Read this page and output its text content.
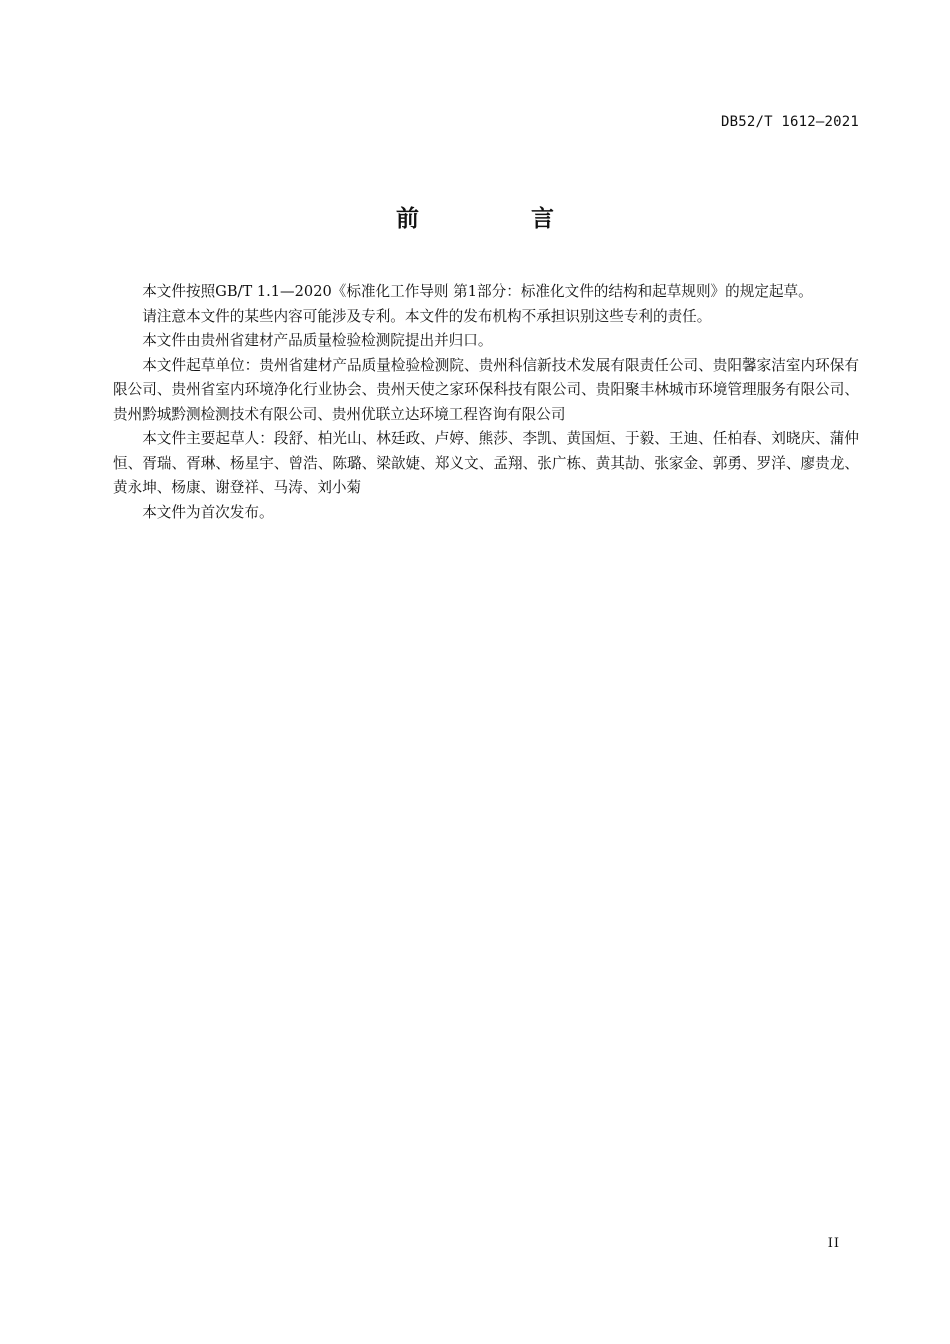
DB52/T 1612—2021
前 言

本文件按照GB/T 1.1—2020《标准化工作导则 第1部分：标准化文件的结构和起草规则》的规定起草。

请注意本文件的某些内容可能涉及专利。本文件的发布机构不承担识别这些专利的责任。

本文件由贵州省建材产品质量检验检测院提出并归口。

本文件起草单位：贵州省建材产品质量检验检测院、贵州科信新技术发展有限责任公司、贵阳馨家洁室内环保有限公司、贵州省室内环境净化行业协会、贵州天使之家环保科技有限公司、贵阳聚丰林城市环境管理服务有限公司、贵州黔城黔测检测技术有限公司、贵州优联立达环境工程咨询有限公司

本文件主要起草人：段舒、柏光山、林廷政、卢婷、熊莎、李凯、黄国烜、于毅、王迪、任柏春、刘晓庆、蒲仲恒、胥瑞、胥琳、杨星宇、曾浩、陈璐、梁歆婕、郑义文、孟翔、张广栋、黄其劼、张家金、郭勇、罗洋、廖贵龙、黄永坤、杨康、谢登祥、马涛、刘小菊

本文件为首次发布。

II
